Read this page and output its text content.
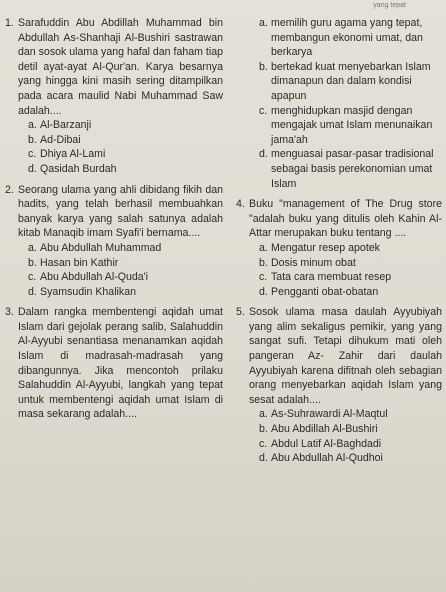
yang tepat
1. Sarafuddin Abu Abdillah Muhammad bin Abdullah As-Shanhaji Al-Bushiri sastrawan dan sosok ulama yang hafal dan faham tiap detil ayat-ayat Al-Qur'an. Karya besarnya yang hingga kini masih sering ditampilkan pada acara maulid Nabi Muhammad Saw adalah....
a. Al-Barzanji
b. Ad-Dibai
c. Dhiya Al-Lami
d. Qasidah Burdah
2. Seorang ulama yang ahli dibidang fikih dan hadits, yang telah berhasil membuahkan banyak karya yang salah satunya adalah kitab Manaqib imam Syafi'i bernama....
a. Abu Abdullah Muhammad
b. Hasan bin Kathir
c. Abu Abdullah Al-Quda'i
d. Syamsudin Khalikan
3. Dalam rangka membentengi aqidah umat Islam dari gejolak perang salib, Salahuddin Al-Ayyubi senantiasa menanamkan aqidah Islam di madrasah-madrasah yang dibangunnya. Jika mencontoh prilaku Salahuddin Al-Ayyubi, langkah yang tepat untuk membentengi aqidah umat Islam di masa sekarang adalah....
a. memilih guru agama yang tepat, membangun ekonomi umat, dan berkarya
b. bertekad kuat menyebarkan Islam dimanapun dan dalam kondisi apapun
c. menghidupkan masjid dengan mengajak umat Islam menunaikan jama'ah
d. menguasai pasar-pasar tradisional sebagai basis perekonomian umat Islam
4. Buku "management of The Drug store "adalah buku yang ditulis oleh Kahin Al-Attar merupakan buku tentang ....
a. Mengatur resep apotek
b. Dosis minum obat
c. Tata cara membuat resep
d. Pengganti obat-obatan
5. Sosok ulama masa daulah Ayyubiyah yang alim sekaligus pemikir, yang yang sangat sufi. Tetapi dihukum mati oleh pangeran Az- Zahir dari daulah Ayyubiyah karena difitnah oleh sebagian orang menyebarkan aqidah Islam yang sesat adalah....
a. As-Suhrawardi Al-Maqtul
b. Abu Abdillah Al-Bushiri
c. Abdul Latif Al-Baghdadi
d. Abu Abdullah Al-Qudhoi
